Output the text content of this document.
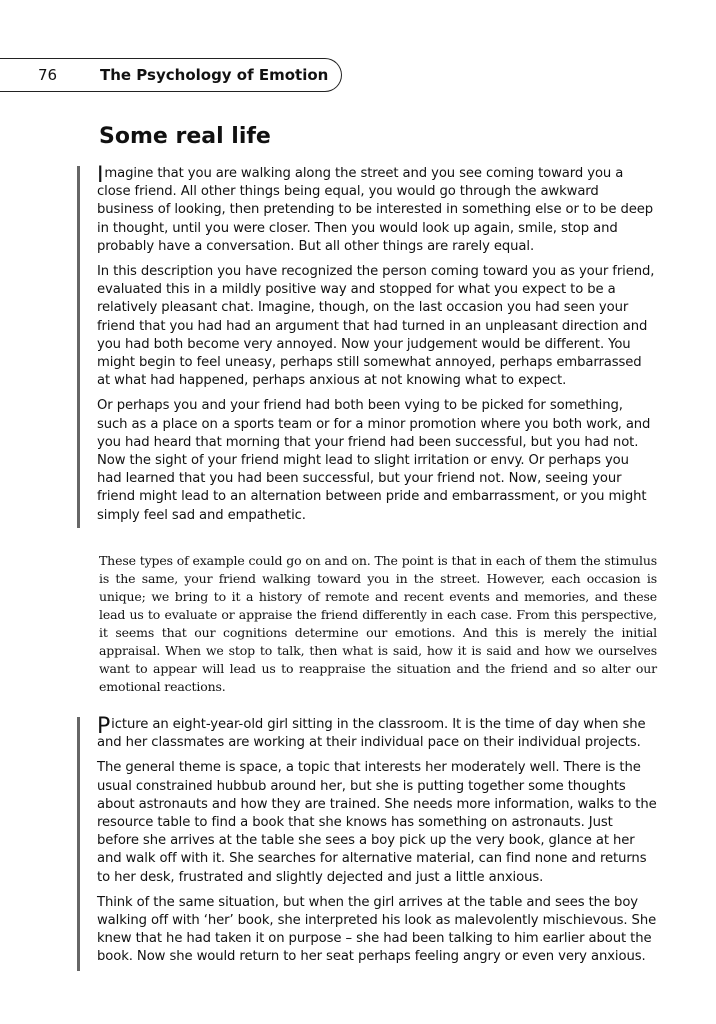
76	The Psychology of Emotion
Some real life

Imagine that you are walking along the street and you see coming toward you a close friend. All other things being equal, you would go through the awkward business of looking, then pretending to be interested in something else or to be deep in thought, until you were closer. Then you would look up again, smile, stop and probably have a conversation. But all other things are rarely equal.

In this description you have recognized the person coming toward you as your friend, evaluated this in a mildly positive way and stopped for what you expect to be a relatively pleasant chat. Imagine, though, on the last occasion you had seen your friend that you had had an argument that had turned in an unpleasant direction and you had both become very annoyed. Now your judgement would be different. You might begin to feel uneasy, perhaps still somewhat annoyed, perhaps embarrassed at what had happened, perhaps anxious at not knowing what to expect.

Or perhaps you and your friend had both been vying to be picked for something, such as a place on a sports team or for a minor promotion where you both work, and you had heard that morning that your friend had been successful, but you had not. Now the sight of your friend might lead to slight irritation or envy. Or perhaps you had learned that you had been successful, but your friend not. Now, seeing your friend might lead to an alternation between pride and embarrassment, or you might simply feel sad and empathetic.

These types of example could go on and on. The point is that in each of them the stimulus is the same, your friend walking toward you in the street. However, each occasion is unique; we bring to it a history of remote and recent events and memories, and these lead us to evaluate or appraise the friend differently in each case. From this perspective, it seems that our cognitions determine our emotions. And this is merely the initial appraisal. When we stop to talk, then what is said, how it is said and how we ourselves want to appear will lead us to reappraise the situation and the friend and so alter our emotional reactions.

Picture an eight-year-old girl sitting in the classroom. It is the time of day when she and her classmates are working at their individual pace on their individual projects.

The general theme is space, a topic that interests her moderately well. There is the usual constrained hubbub around her, but she is putting together some thoughts about astronauts and how they are trained. She needs more information, walks to the resource table to find a book that she knows has something on astronauts. Just before she arrives at the table she sees a boy pick up the very book, glance at her and walk off with it. She searches for alternative material, can find none and returns to her desk, frustrated and slightly dejected and just a little anxious.

Think of the same situation, but when the girl arrives at the table and sees the boy walking off with ‘her’ book, she interpreted his look as malevolently mischievous. She knew that he had taken it on purpose – she had been talking to him earlier about the book. Now she would return to her seat perhaps feeling angry or even very anxious.
